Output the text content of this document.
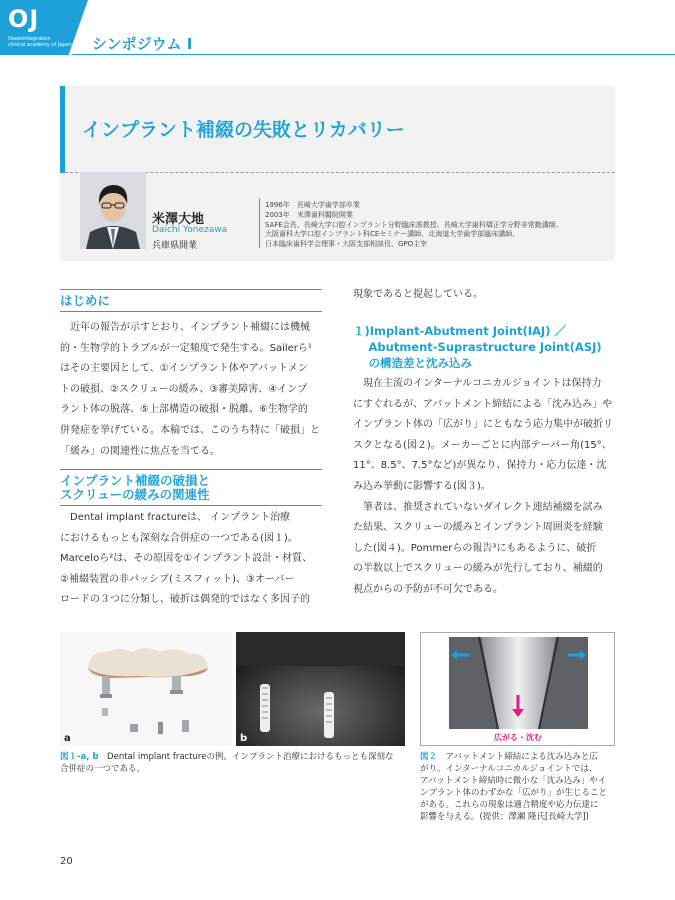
OJ
Osseointegration
clinical academy of Japan シンポジウム Ⅰ
インプラント補綴の失敗とリカバリー
米澤大地
Daichi Yonezawa
兵庫県開業
1996年　長崎大学歯学部卒業
2003年　米澤歯科醫院開業
SAFE会長、長崎大学口腔インプラント分野臨床准教授、長崎大学歯科矯正学分野非常勤講師、
大阪歯科大学口腔インプラント科CEセミナー講師、北海道大学歯学部臨床講師、
日本臨床歯科学会理事・大阪支部相談役、GPO主宰
はじめに
　近年の報告が示すとおり、インプラント補綴には機械
的・生物学的トラブルが一定頻度で発生する。Sailerら¹
はその主要因として、①インプラント体やアバットメン
トの破損、②スクリューの緩み、③審美障害、④インプ
ラント体の脱落、⑤上部構造の破損・脱離、⑥生物学的
併発症を挙げている。本稿では、このうち特に「破損」と
「緩み」の関連性に焦点を当てる。
インプラント補綴の破損と
スクリューの緩みの関連性
　Dental implant fractureは、 インプラント治療
におけるもっとも深刻な合併症の一つである(図１)。
Marceloら²は、その原因を①インプラント設計・材質、
②補綴装置の非パッシブ(ミスフィット)、③オーバー
ロードの３つに分類し、破折は偶発的ではなく多因子的
現象であると提起している。
１)Implant-Abutment Joint(IAJ) ／
　 Abutment-Suprastructure Joint(ASJ)
　 の構造差と沈み込み
　現在主流のインターナルコニカルジョイントは保持力
にすぐれるが、アバットメント締結による「沈み込み」や
インプラント体の「広がり」にともなう応力集中が破折リ
スクとなる(図２)。メーカーごとに内部テーパー角(15°、
11°、8.5°、7.5°など)が異なり、保持力・応力伝達・沈
み込み挙動に影響する(図３)。
　筆者は、推奨されていないダイレクト連結補綴を試み
た結果、スクリューの緩みとインプラント周囲炎を経験
した(図４)。Pommerらの報告³にもあるように、破折
の半数以上でスクリューの緩みが先行しており、補綴的
視点からの予防が不可欠である。
a	b	広がる・沈む
図１-a, b　Dental implant fractureの例。インプラント治療におけるもっとも深刻な
合併症の一つである。
図２　アバットメント締結による沈み込みと広
がり。インターナルコニカルジョイントでは、
アバットメント締結時に微小な「沈み込み」やイ
ンプラント体のわずかな「広がり」が生じること
がある。これらの現象は適合精度や応力伝達に
影響を与える。(提供：澤瀬 隆氏[長崎大学])
20
